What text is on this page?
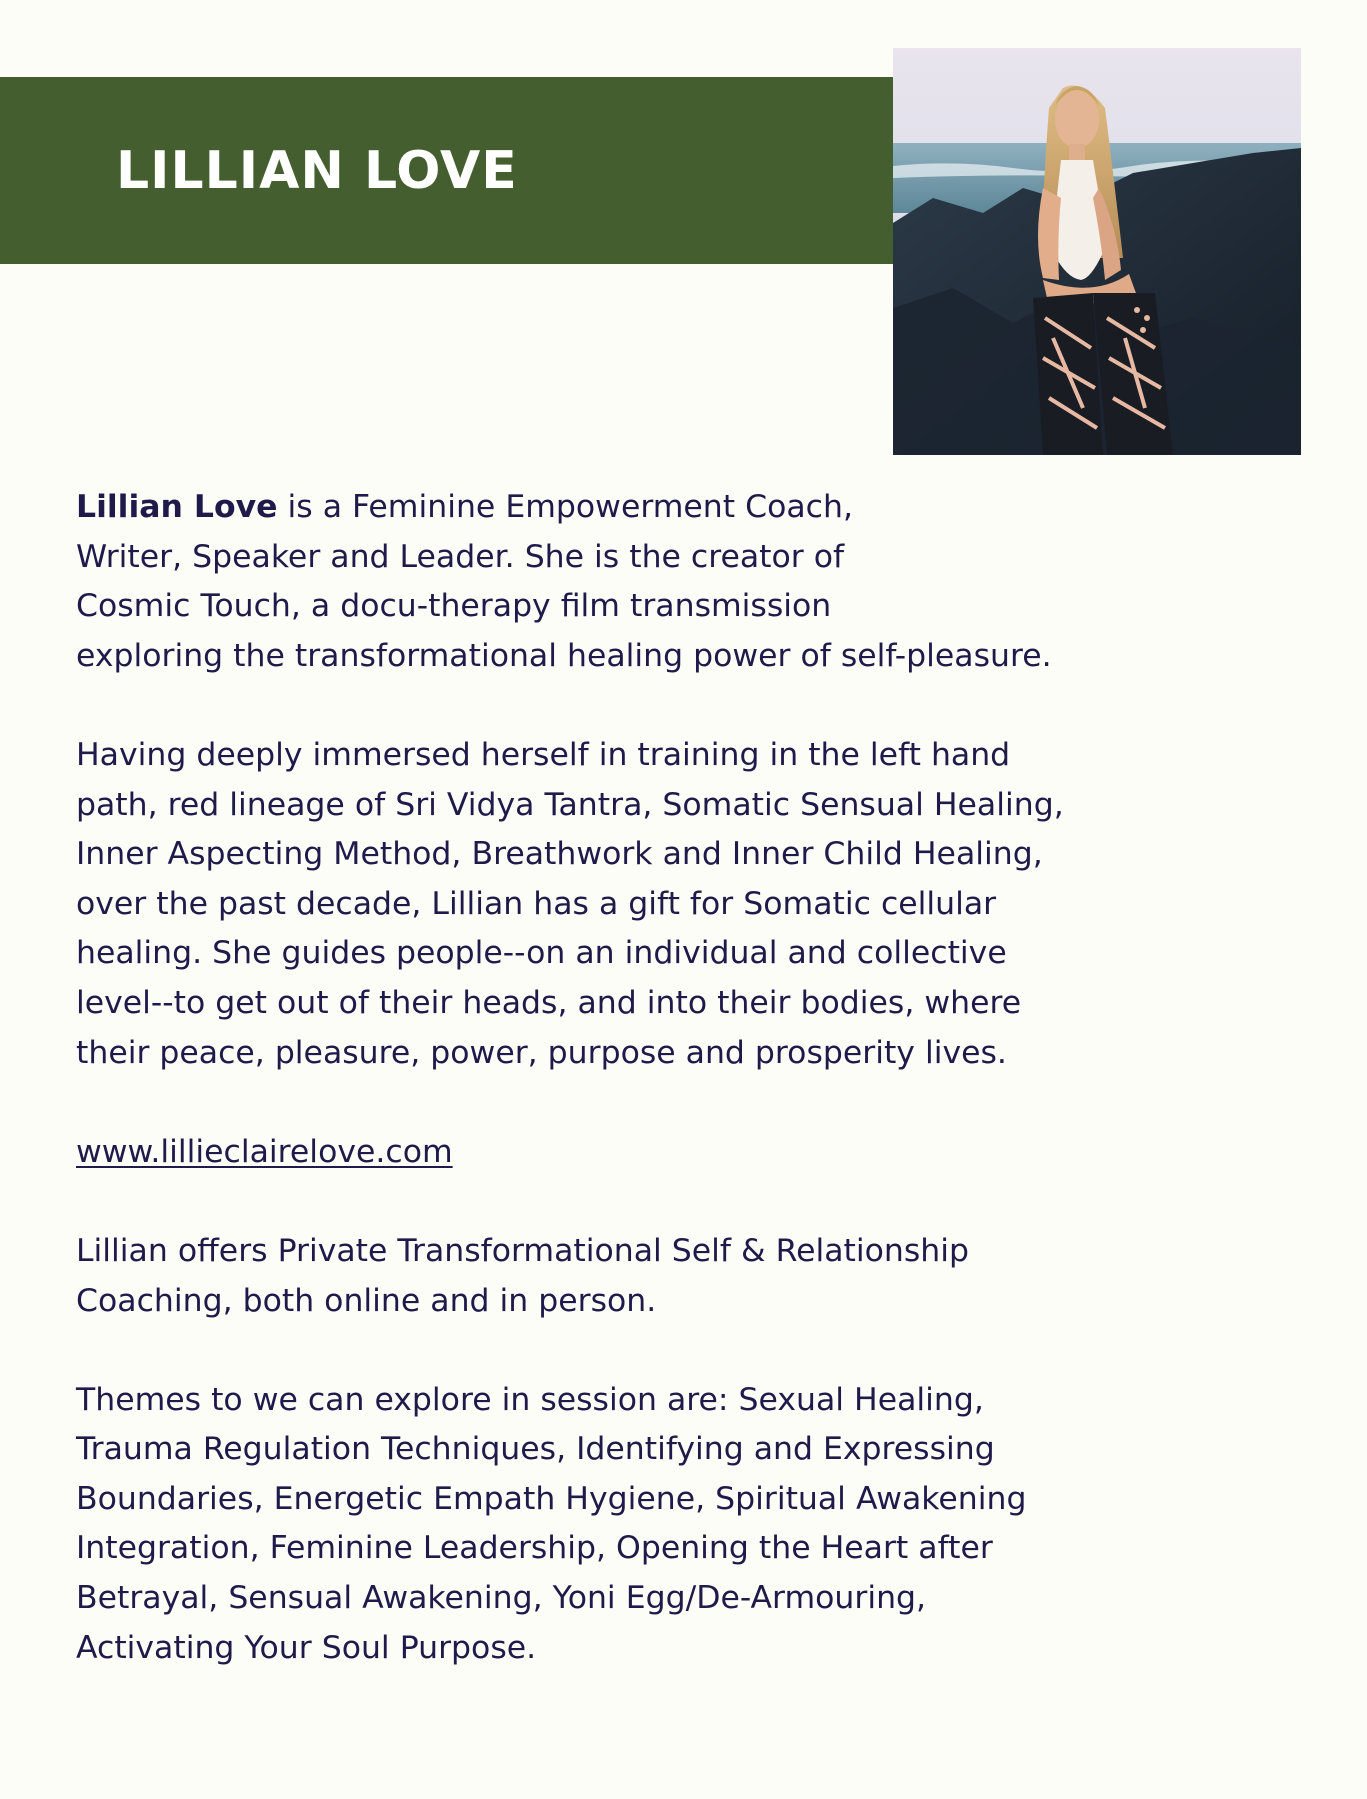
LILLIAN LOVE

Lillian Love is a Feminine Empowerment Coach,

Writer, Speaker and Leader. She is the creator of

Cosmic Touch, a docu-therapy film transmission

exploring the transformational healing power of self-pleasure.

Having deeply immersed herself in training in the left hand

path, red lineage of Sri Vidya Tantra, Somatic Sensual Healing,

Inner Aspecting Method, Breathwork and Inner Child Healing,

over the past decade, Lillian has a gift for Somatic cellular

healing. She guides people--on an individual and collective

level--to get out of their heads, and into their bodies, where

their peace, pleasure, power, purpose and prosperity lives.

www.lillieclairelove.com

Lillian offers Private Transformational Self & Relationship

Coaching, both online and in person.

Themes to we can explore in session are: Sexual Healing,

Trauma Regulation Techniques, Identifying and Expressing

Boundaries, Energetic Empath Hygiene, Spiritual Awakening

Integration, Feminine Leadership, Opening the Heart after

Betrayal, Sensual Awakening, Yoni Egg/De-Armouring,

Activating Your Soul Purpose.
